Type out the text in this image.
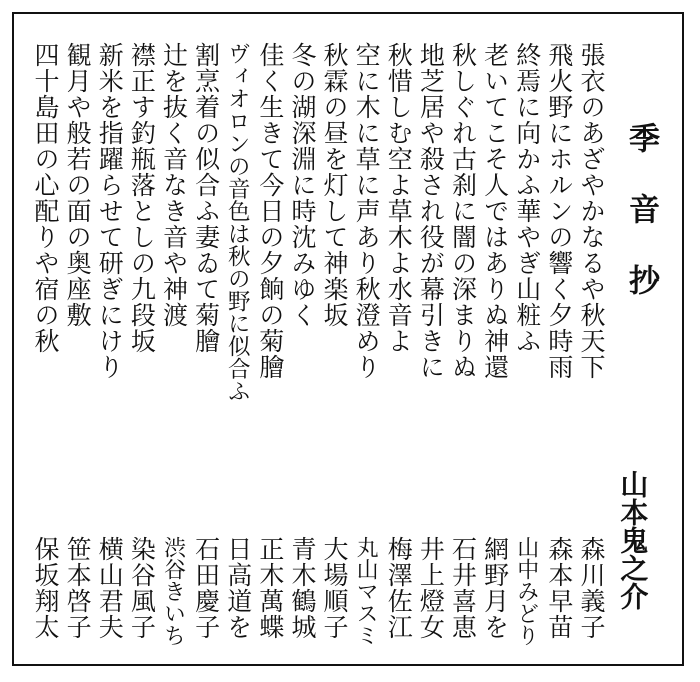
季音抄
山本鬼之介
張衣のあざやかなるや秋天下
飛火野にホルンの響く夕時雨
終焉に向かふ華やぎ山粧ふ
老いてこそ人ではありぬ神還
秋しぐれ古刹に闇の深まりぬ
地芝居や殺され役が幕引きに
秋惜しむ空よ草木よ水音よ
空に木に草に声あり秋澄めり
秋霖の昼を灯して神楽坂
冬の湖深淵に時沈みゆく
佳く生きて今日の夕餉の菊膾
ヴィオロンの音色は秋の野に似合ふ
割烹着の似合ふ妻ゐて菊膾
辻を抜く音なき音や神渡
襟正す釣瓶落としの九段坂
新米を指躍らせて研ぎにけり
観月や般若の面の奥座敷
四十島田の心配りや宿の秋
森川義子
森本早苗
山中みどり
網野月を
石井喜恵
井上燈女
梅澤佐江
丸山マスミ
大場順子
青木鶴城
正木萬蝶
日高道を
石田慶子
渋谷きいち
染谷風子
横山君夫
笹本啓子
保坂翔太
